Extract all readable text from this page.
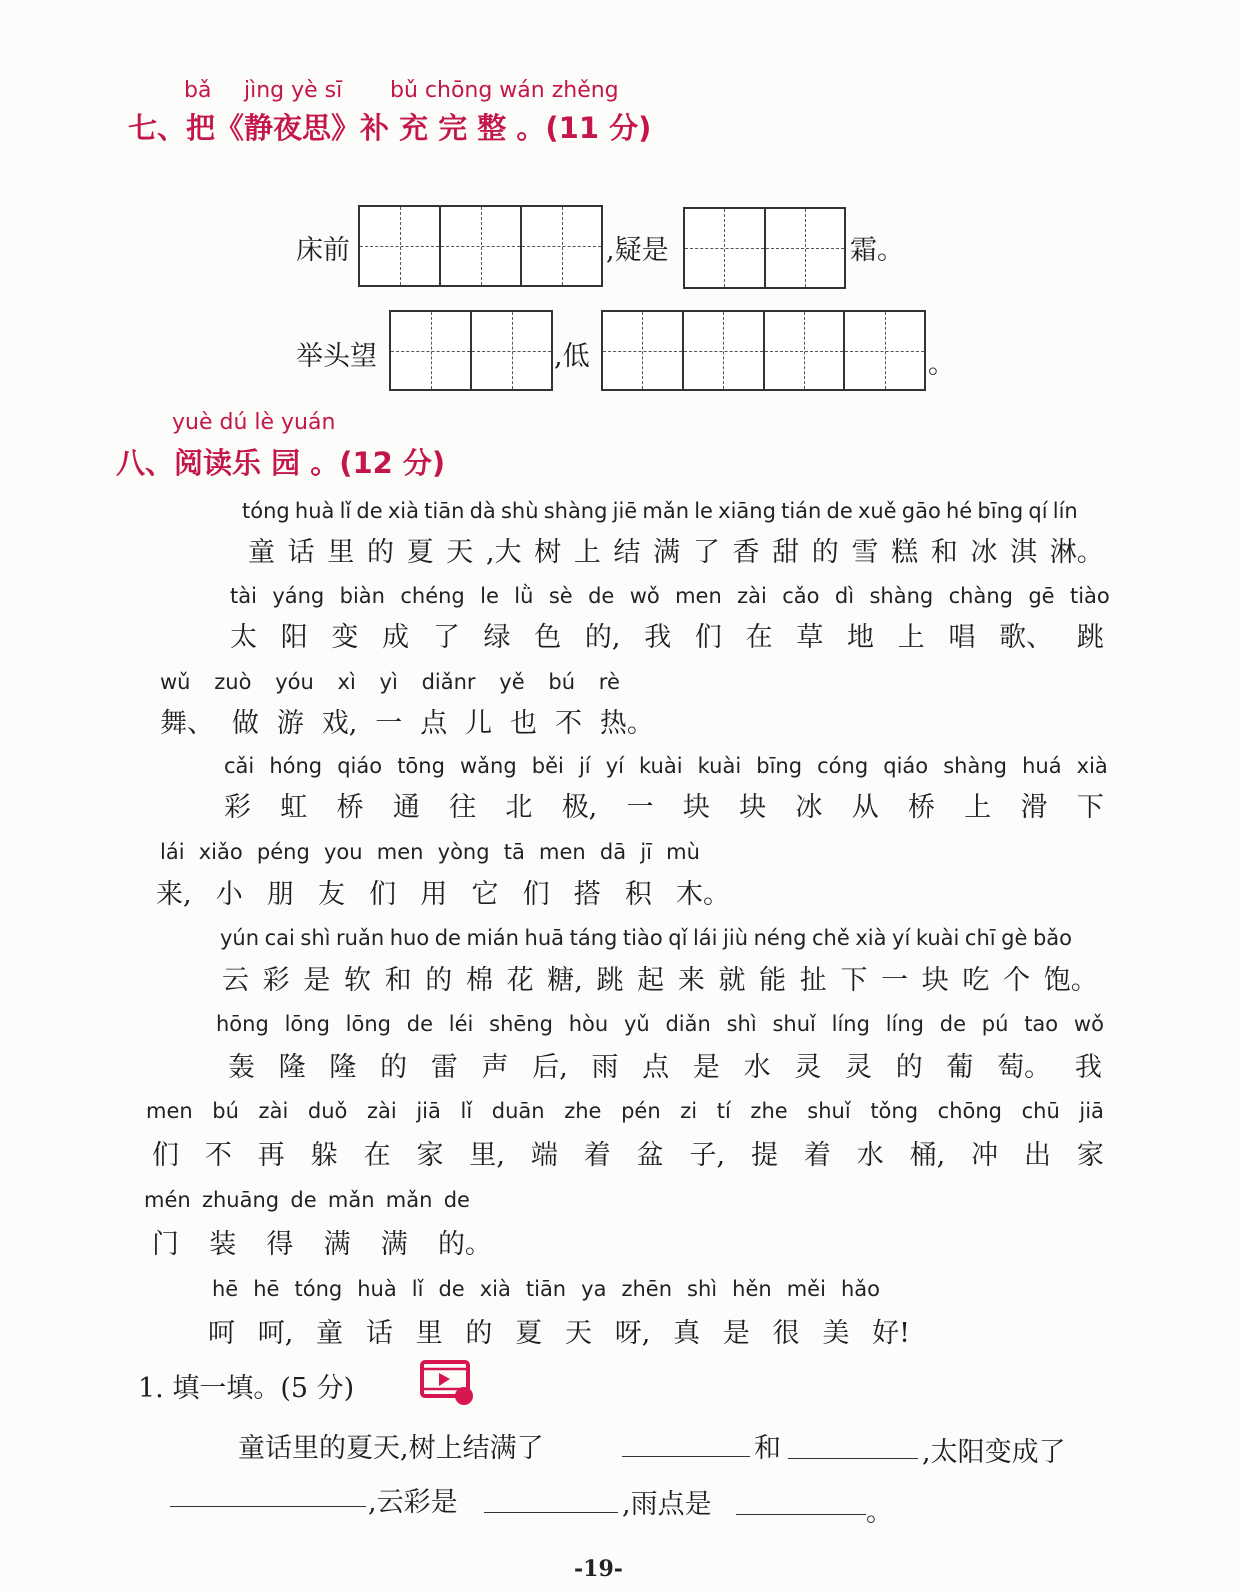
bǎ jìng yè sī bǔ chōng wán zhěng
七、把《静夜思》补 充 完 整 。(11 分)
床前	,疑是	霜。
举头望	,低	。
yuè dú lè yuán
八、阅读乐 园 。(12 分)
tóng huà lǐ de xià tiān dà shù shàng jiē mǎn le xiāng tián de xuě gāo hé bīng qí lín
童 话 里 的 夏 天 ,大 树 上 结 满 了 香 甜 的 雪 糕 和 冰 淇 淋。
tài yáng biàn chéng le lǜ sè de wǒ men zài cǎo dì shàng chàng gē tiào
太 阳 变 成 了 绿 色 的, 我 们 在 草 地 上 唱 歌、 跳
wǔ zuò yóu xì yì diǎnr yě bú rè
舞、 做 游 戏, 一 点 儿 也 不 热。
cǎi hóng qiáo tōng wǎng běi jí yí kuài kuài bīng cóng qiáo shàng huá xià
彩 虹 桥 通 往 北 极, 一 块 块 冰 从 桥 上 滑 下
lái xiǎo péng you men yòng tā men dā jī mù
来, 小 朋 友 们 用 它 们 搭 积 木。
yún cai shì ruǎn huo de mián huā táng tiào qǐ lái jiù néng chě xià yí kuài chī gè bǎo
云 彩 是 软 和 的 棉 花 糖, 跳 起 来 就 能 扯 下 一 块 吃 个 饱。
hōng lōng lōng de léi shēng hòu yǔ diǎn shì shuǐ líng líng de pú tao wǒ
轰 隆 隆 的 雷 声 后, 雨 点 是 水 灵 灵 的 葡 萄。 我
men bú zài duǒ zài jiā lǐ duān zhe pén zi tí zhe shuǐ tǒng chōng chū jiā
们 不 再 躲 在 家 里, 端 着 盆 子, 提 着 水 桶, 冲 出 家
mén zhuāng de mǎn mǎn de
门 装 得 满 满 的。
hē hē tóng huà lǐ de xià tiān ya zhēn shì hěn měi hǎo
呵 呵, 童 话 里 的 夏 天 呀, 真 是 很 美 好!
1. 填一填。(5 分)
童话里的夏天,树上结满了	和	,太阳变成了
,云彩是	,雨点是	。
-19-
